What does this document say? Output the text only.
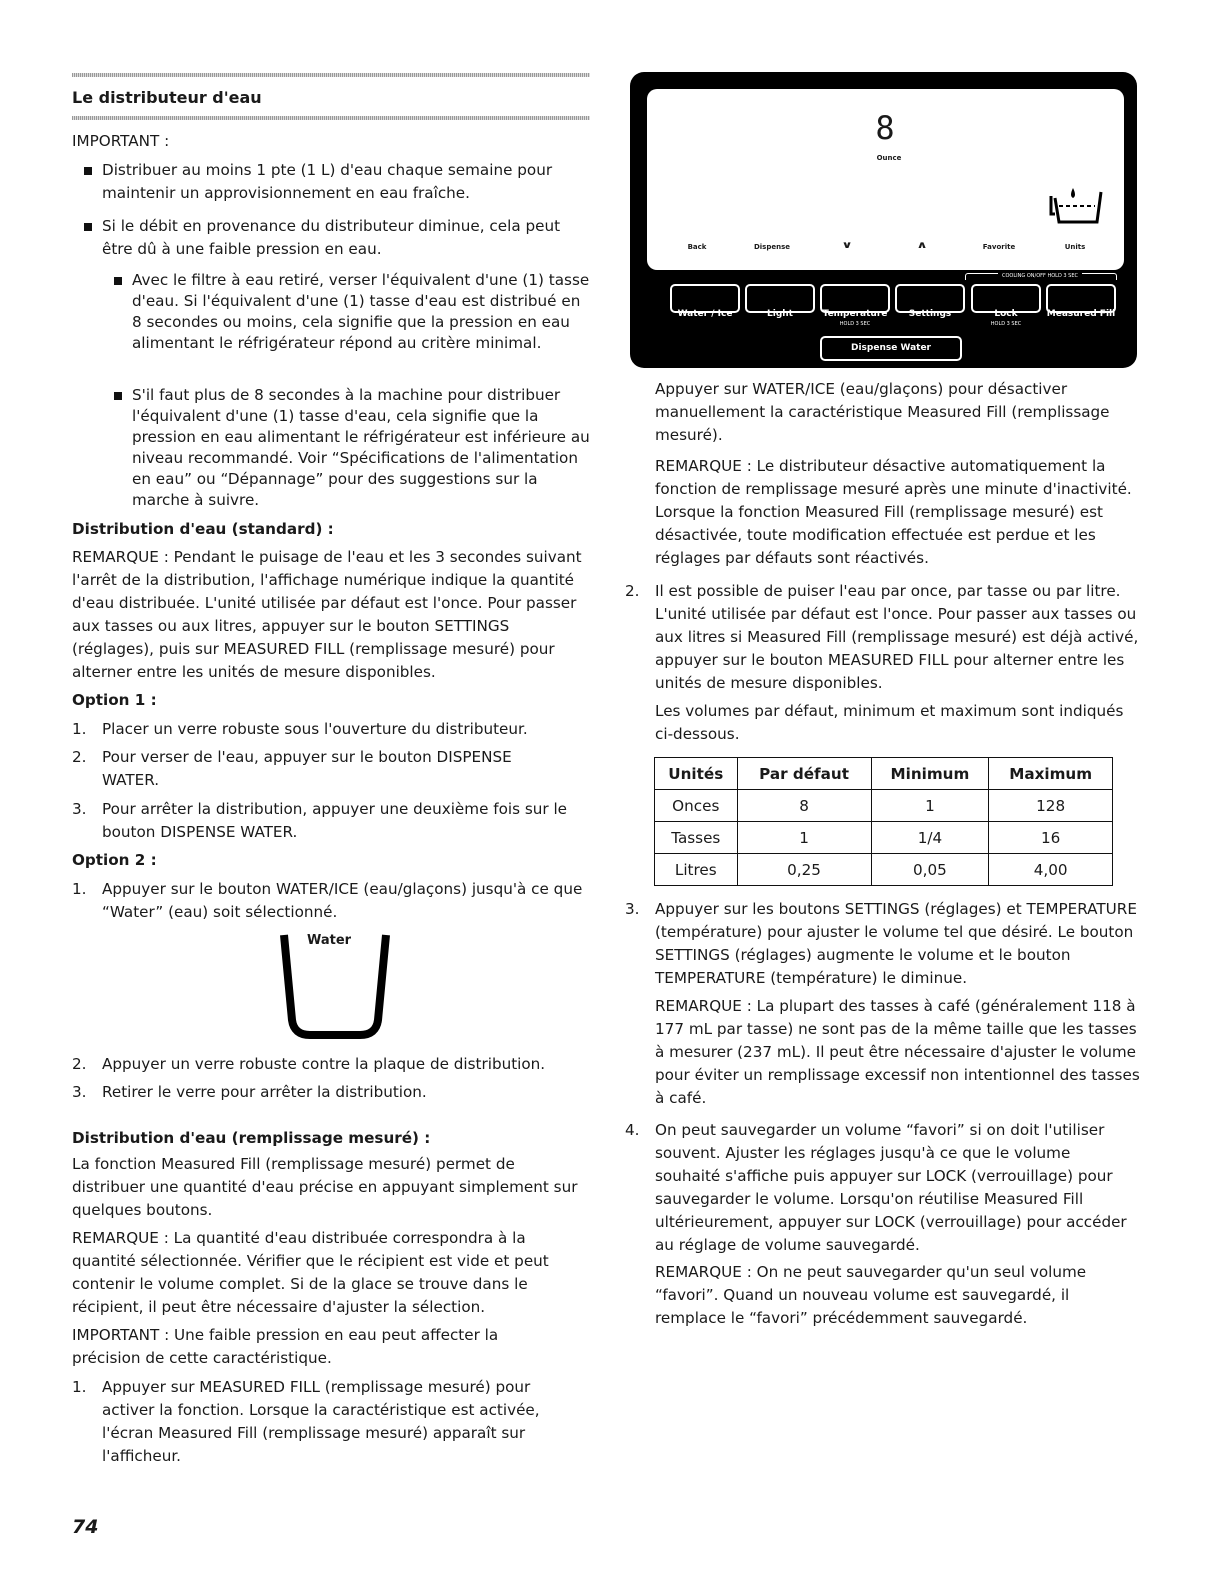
Le distributeur d'eau
IMPORTANT :
Distribuer au moins 1 pte (1 L) d'eau chaque semaine pour maintenir un approvisionnement en eau fraîche.
Si le débit en provenance du distributeur diminue, cela peut être dû à une faible pression en eau.
Avec le filtre à eau retiré, verser l'équivalent d'une (1) tasse d'eau. Si l'équivalent d'une (1) tasse d'eau est distribué en 8 secondes ou moins, cela signifie que la pression en eau alimentant le réfrigérateur répond au critère minimal.
S'il faut plus de 8 secondes à la machine pour distribuer l'équivalent d'une (1) tasse d'eau, cela signifie que la pression en eau alimentant le réfrigérateur est inférieure au niveau recommandé. Voir “Spécifications de l'alimentation en eau” ou “Dépannage” pour des suggestions sur la marche à suivre.
Distribution d'eau (standard) :
REMARQUE : Pendant le puisage de l'eau et les 3 secondes suivant l'arrêt de la distribution, l'affichage numérique indique la quantité d'eau distribuée. L'unité utilisée par défaut est l'once. Pour passer aux tasses ou aux litres, appuyer sur le bouton SETTINGS (réglages), puis sur MEASURED FILL (remplissage mesuré) pour alterner entre les unités de mesure disponibles.
Option 1 :
1. Placer un verre robuste sous l'ouverture du distributeur.
2. Pour verser de l'eau, appuyer sur le bouton DISPENSE WATER.
3. Pour arrêter la distribution, appuyer une deuxième fois sur le bouton DISPENSE WATER.
Option 2 :
1. Appuyer sur le bouton WATER/ICE (eau/glaçons) jusqu'à ce que “Water” (eau) soit sélectionné.
Water
2. Appuyer un verre robuste contre la plaque de distribution.
3. Retirer le verre pour arrêter la distribution.
Distribution d'eau (remplissage mesuré) :
La fonction Measured Fill (remplissage mesuré) permet de distribuer une quantité d'eau précise en appuyant simplement sur quelques boutons.
REMARQUE : La quantité d'eau distribuée correspondra à la quantité sélectionnée. Vérifier que le récipient est vide et peut contenir le volume complet. Si de la glace se trouve dans le récipient, il peut être nécessaire d'ajuster la sélection.
IMPORTANT : Une faible pression en eau peut affecter la précision de cette caractéristique.
1. Appuyer sur MEASURED FILL (remplissage mesuré) pour activer la fonction. Lorsque la caractéristique est activée, l'écran Measured Fill (remplissage mesuré) apparaît sur l'afficheur.
74
8
Ounce
Back	Dispense	∨	∧	Favorite	Units
COOLING ON/OFF HOLD 3 SEC
Water / Ice	Light	Temperature Settings	Lock	Measured Fill
HOLD 3 SEC	HOLD 3 SEC
Dispense Water
Appuyer sur WATER/ICE (eau/glaçons) pour désactiver manuellement la caractéristique Measured Fill (remplissage mesuré).
REMARQUE : Le distributeur désactive automatiquement la fonction de remplissage mesuré après une minute d'inactivité. Lorsque la fonction Measured Fill (remplissage mesuré) est désactivée, toute modification effectuée est perdue et les réglages par défauts sont réactivés.
2. Il est possible de puiser l'eau par once, par tasse ou par litre. L'unité utilisée par défaut est l'once. Pour passer aux tasses ou aux litres si Measured Fill (remplissage mesuré) est déjà activé, appuyer sur le bouton MEASURED FILL pour alterner entre les unités de mesure disponibles.
Les volumes par défaut, minimum et maximum sont indiqués ci-dessous.
Unités	Par défaut	Minimum	Maximum
Onces	8	1	128
Tasses	1	1/4	16
Litres	0,25	0,05	4,00
3. Appuyer sur les boutons SETTINGS (réglages) et TEMPERATURE (température) pour ajuster le volume tel que désiré. Le bouton SETTINGS (réglages) augmente le volume et le bouton TEMPERATURE (température) le diminue.
REMARQUE : La plupart des tasses à café (généralement 118 à 177 mL par tasse) ne sont pas de la même taille que les tasses à mesurer (237 mL). Il peut être nécessaire d'ajuster le volume pour éviter un remplissage excessif non intentionnel des tasses à café.
4. On peut sauvegarder un volume “favori” si on doit l'utiliser souvent. Ajuster les réglages jusqu'à ce que le volume souhaité s'affiche puis appuyer sur LOCK (verrouillage) pour sauvegarder le volume. Lorsqu'on réutilise Measured Fill ultérieurement, appuyer sur LOCK (verrouillage) pour accéder au réglage de volume sauvegardé.
REMARQUE : On ne peut sauvegarder qu'un seul volume “favori”. Quand un nouveau volume est sauvegardé, il remplace le “favori” précédemment sauvegardé.
